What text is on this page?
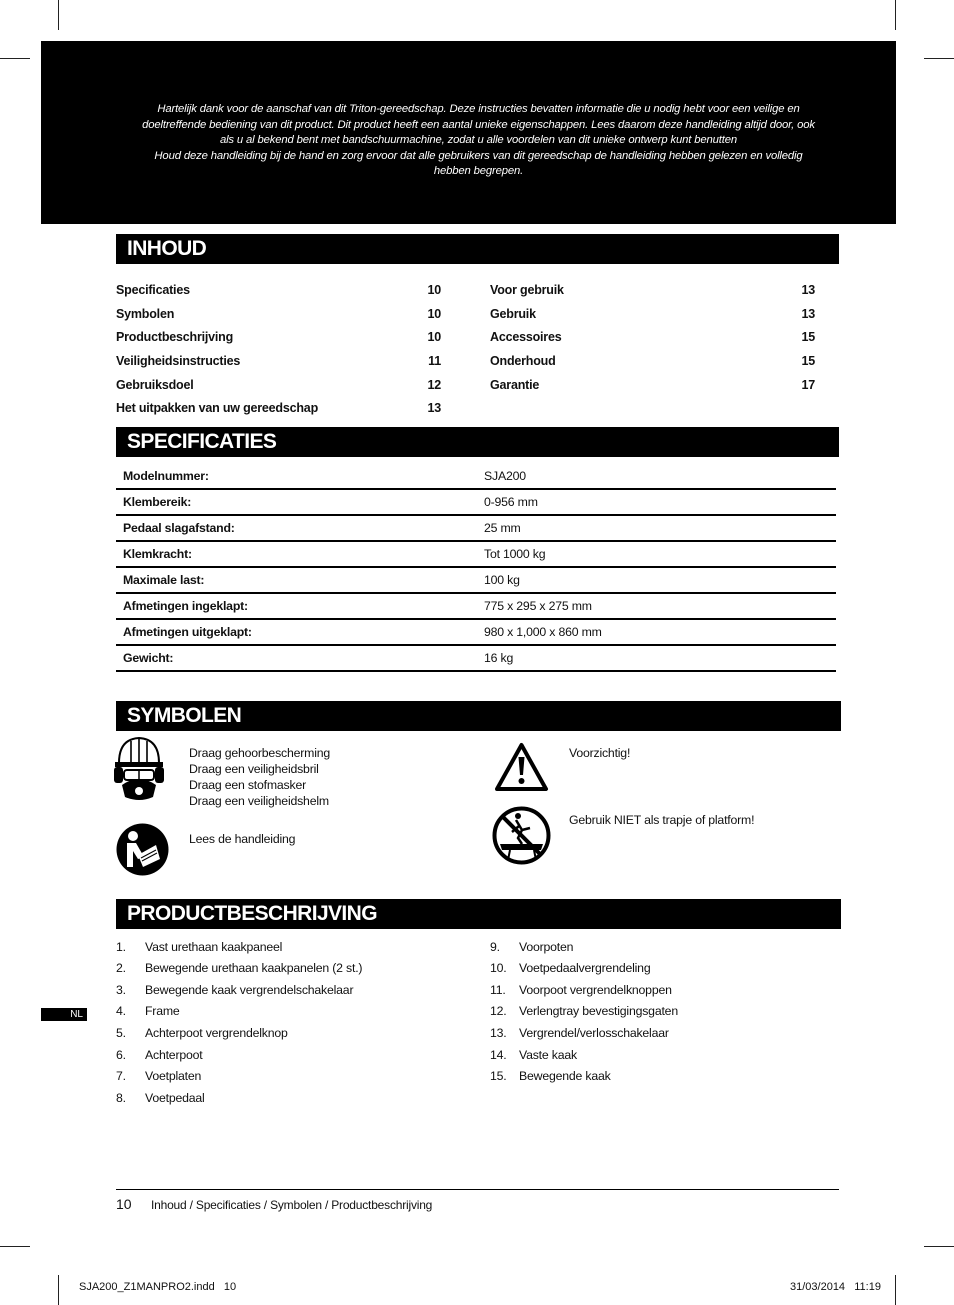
Hartelijk dank voor de aanschaf van dit Triton-gereedschap. Deze instructies bevatten informatie die u nodig hebt voor een veilige en
doeltreffende bediening van dit product. Dit product heeft een aantal unieke eigenschappen. Lees daarom deze handleiding altijd door, ook
als u al bekend bent met bandschuurmachine, zodat u alle voordelen van dit unieke ontwerp kunt benutten
Houd deze handleiding bij de hand en zorg ervoor dat alle gebruikers van dit gereedschap de handleiding hebben gelezen en volledig
hebben begrepen.
INHOUD
Specificaties	10
Symbolen	10
Productbeschrijving	10
Veiligheidsinstructies	11
Gebruiksdoel	12
Het uitpakken van uw gereedschap	13
Voor gebruik	13
Gebruik	13
Accessoires	15
Onderhoud	15
Garantie	17
SPECIFICATIES
Modelnummer:	SJA200
Klembereik:	0-956 mm
Pedaal slagafstand:	25 mm
Klemkracht:	Tot 1000 kg
Maximale last:	100 kg
Afmetingen ingeklapt:	775 x 295 x 275 mm
Afmetingen uitgeklapt:	980 x 1,000 x 860 mm
Gewicht:	16 kg
SYMBOLEN
Draag gehoorbescherming
Draag een veiligheidsbril
Draag een stofmasker
Draag een veiligheidshelm
Lees de handleiding
Voorzichtig!
Gebruik NIET als trapje of platform!
PRODUCTBESCHRIJVING
1. Vast urethaan kaakpaneel
2. Bewegende urethaan kaakpanelen (2 st.)
3. Bewegende kaak vergrendelschakelaar
4. Frame
5. Achterpoot vergrendelknop
6. Achterpoot
7. Voetplaten
8. Voetpedaal
9. Voorpoten
10. Voetpedaalvergrendeling
11. Voorpoot vergrendelknoppen
12. Verlengtray bevestigingsgaten
13. Vergrendel/verlosschakelaar
14. Vaste kaak
15. Bewegende kaak
NL
10 Inhoud / Specificaties / Symbolen / Productbeschrijving
SJA200_Z1MANPRO2.indd   10	31/03/2014   11:19
